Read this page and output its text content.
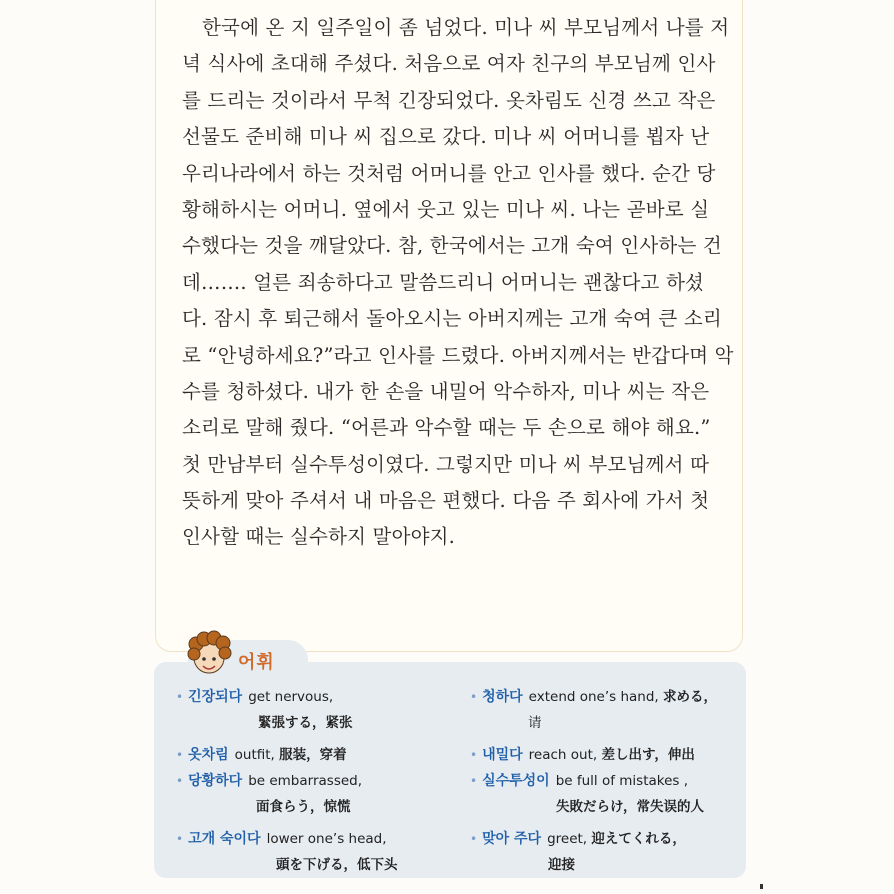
한국에 온 지 일주일이 좀 넘었다. 미나 씨 부모님께서 나를 저
녁 식사에 초대해 주셨다. 처음으로 여자 친구의 부모님께 인사
를 드리는 것이라서 무척 긴장되었다. 옷차림도 신경 쓰고 작은
선물도 준비해 미나 씨 집으로 갔다. 미나 씨 어머니를 뵙자 난
우리나라에서 하는 것처럼 어머니를 안고 인사를 했다. 순간 당
황해하시는 어머니. 옆에서 웃고 있는 미나 씨. 나는 곧바로 실
수했다는 것을 깨달았다. 참, 한국에서는 고개 숙여 인사하는 건
데……. 얼른 죄송하다고 말씀드리니 어머니는 괜찮다고 하셨
다. 잠시 후 퇴근해서 돌아오시는 아버지께는 고개 숙여 큰 소리
로 “안녕하세요?”라고 인사를 드렸다. 아버지께서는 반갑다며 악
수를 청하셨다. 내가 한 손을 내밀어 악수하자, 미나 씨는 작은
소리로 말해 줬다. “어른과 악수할 때는 두 손으로 해야 해요.”
첫 만남부터 실수투성이였다. 그렇지만 미나 씨 부모님께서 따
뜻하게 맞아 주셔서 내 마음은 편했다. 다음 주 회사에 가서 첫
인사할 때는 실수하지 말아야지.
어휘
• 긴장되다 get nervous,
緊張する，紧张
• 옷차림 outfit, 服装，穿着
• 당황하다 be embarrassed,
面食らう，惊慌
• 고개 숙이다 lower one’s head,
頭を下げる，低下头
• 청하다 extend one’s hand, 求める，
请
• 내밀다 reach out, 差し出す，伸出
• 실수투성이 be full of mistakes ,
失敗だらけ，常失误的人
• 맞아 주다 greet, 迎えてくれる，
迎接
